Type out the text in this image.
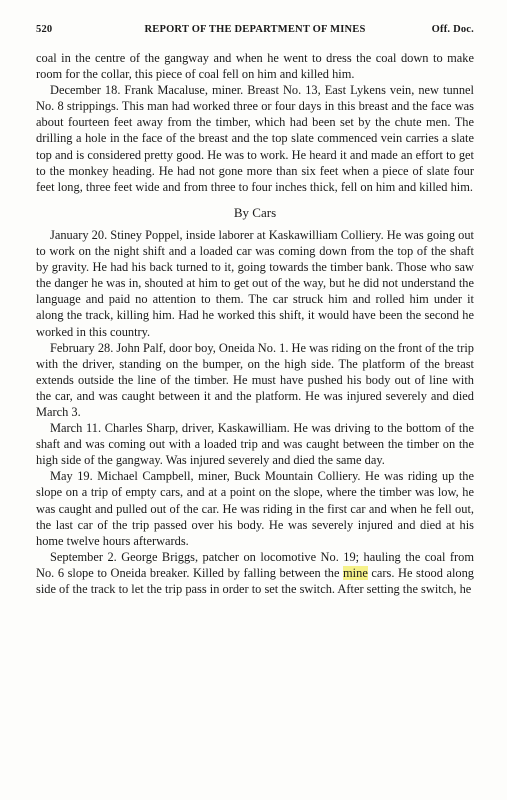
REPORT OF THE DEPARTMENT OF MINES
520	Off. Doc.

coal in the centre of the gangway and when he went to dress the coal down to make room for the collar, this piece of coal fell on him and killed him.

December 18. Frank Macaluse, miner. Breast No. 13, East Lykens vein, new tunnel No. 8 strippings. This man had worked three or four days in this breast and the face was about fourteen feet away from the timber, which had been set by the chute men. The drilling a hole in the face of the breast and the top slate commenced vein carries a slate top and is considered pretty good. He was to work. He heard it and made an effort to get to the monkey heading. He had not gone more than six feet when a piece of slate four feet long, three feet wide and from three to four inches thick, fell on him and killed him.

By Cars

January 20. Stiney Poppel, inside laborer at Kaskawilliam Colliery. He was going out to work on the night shift and a loaded car was coming down from the top of the shaft by gravity. He had his back turned to it, going towards the timber bank. Those who saw the danger he was in, shouted at him to get out of the way, but he did not understand the language and paid no attention to them. The car struck him and rolled him under it along the track, killing him. Had he worked this shift, it would have been the second he worked in this country.

February 28. John Palf, door boy, Oneida No. 1. He was riding on the front of the trip with the driver, standing on the bumper, on the high side. The platform of the breast extends outside the line of the timber. He must have pushed his body out of line with the car, and was caught between it and the platform. He was injured severely and died March 3.

March 11. Charles Sharp, driver, Kaskawilliam. He was driving to the bottom of the shaft and was coming out with a loaded trip and was caught between the timber on the high side of the gangway. Was injured severely and died the same day.

May 19. Michael Campbell, miner, Buck Mountain Colliery. He was riding up the slope on a trip of empty cars, and at a point on the slope, where the timber was low, he was caught and pulled out of the car. He was riding in the first car and when he fell out, the last car of the trip passed over his body. He was severely injured and died at his home twelve hours afterwards.

September 2. George Briggs, patcher on locomotive No. 19; hauling the coal from No. 6 slope to Oneida breaker. Killed by falling between the mine cars. He stood along side of the track to let the trip pass in order to set the switch. After setting the switch, he
